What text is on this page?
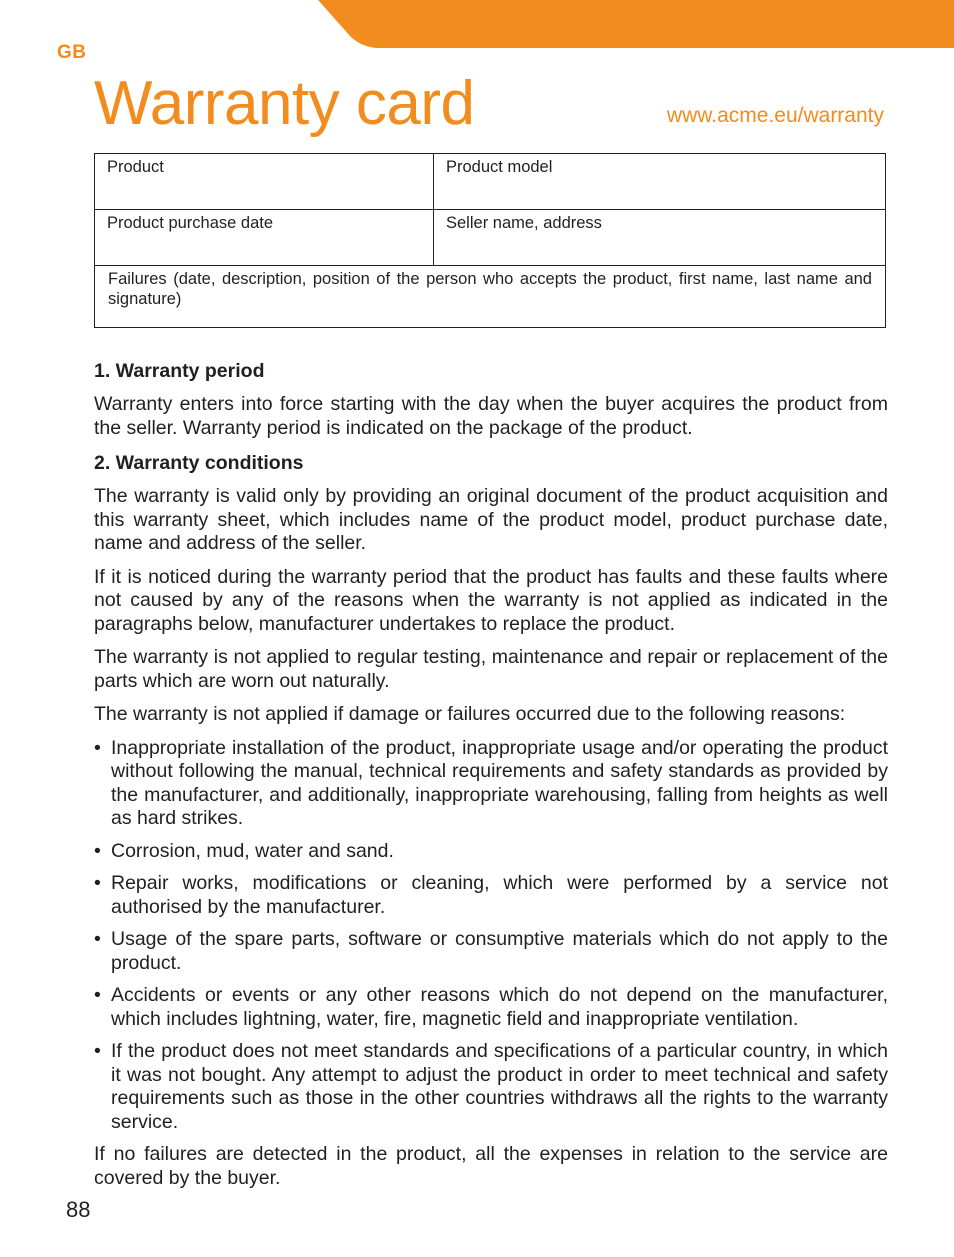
GB
Warranty card	www.acme.eu/warranty
Product	Product model
Product purchase date	Seller name, address
Failures (date, description, position of the person who accepts the product, first name, last name and signature)	
1. Warranty period

Warranty enters into force starting with the day when the buyer acquires the product from the seller. Warranty period is indicated on the package of the product.

2. Warranty conditions

The warranty is valid only by providing an original document of the product acquisition and this warranty sheet, which includes name of the product model, product purchase date, name and address of the seller.

If it is noticed during the warranty period that the product has faults and these faults where not caused by any of the reasons when the warranty is not applied as indicated in the paragraphs below, manufacturer undertakes to replace the product.

The warranty is not applied to regular testing, maintenance and repair or replacement of the parts which are worn out naturally.

The warranty is not applied if damage or failures occurred due to the following reasons:

• Inappropriate installation of the product, inappropriate usage and/or operating the product without following the manual, technical requirements and safety standards as provided by the manufacturer, and additionally, inappropriate warehousing, falling from heights as well as hard strikes.
• Corrosion, mud, water and sand.
• Repair works, modifications or cleaning, which were performed by a service not authorised by the manufacturer.
• Usage of the spare parts, software or consumptive materials which do not apply to the product.
• Accidents or events or any other reasons which do not depend on the manufacturer, which includes lightning, water, fire, magnetic field and inappropriate ventilation.
• If the product does not meet standards and specifications of a particular country, in which it was not bought. Any attempt to adjust the product in order to meet technical and safety requirements such as those in the other countries withdraws all the rights to the warranty service.

If no failures are detected in the product, all the expenses in relation to the service are covered by the buyer.

88
